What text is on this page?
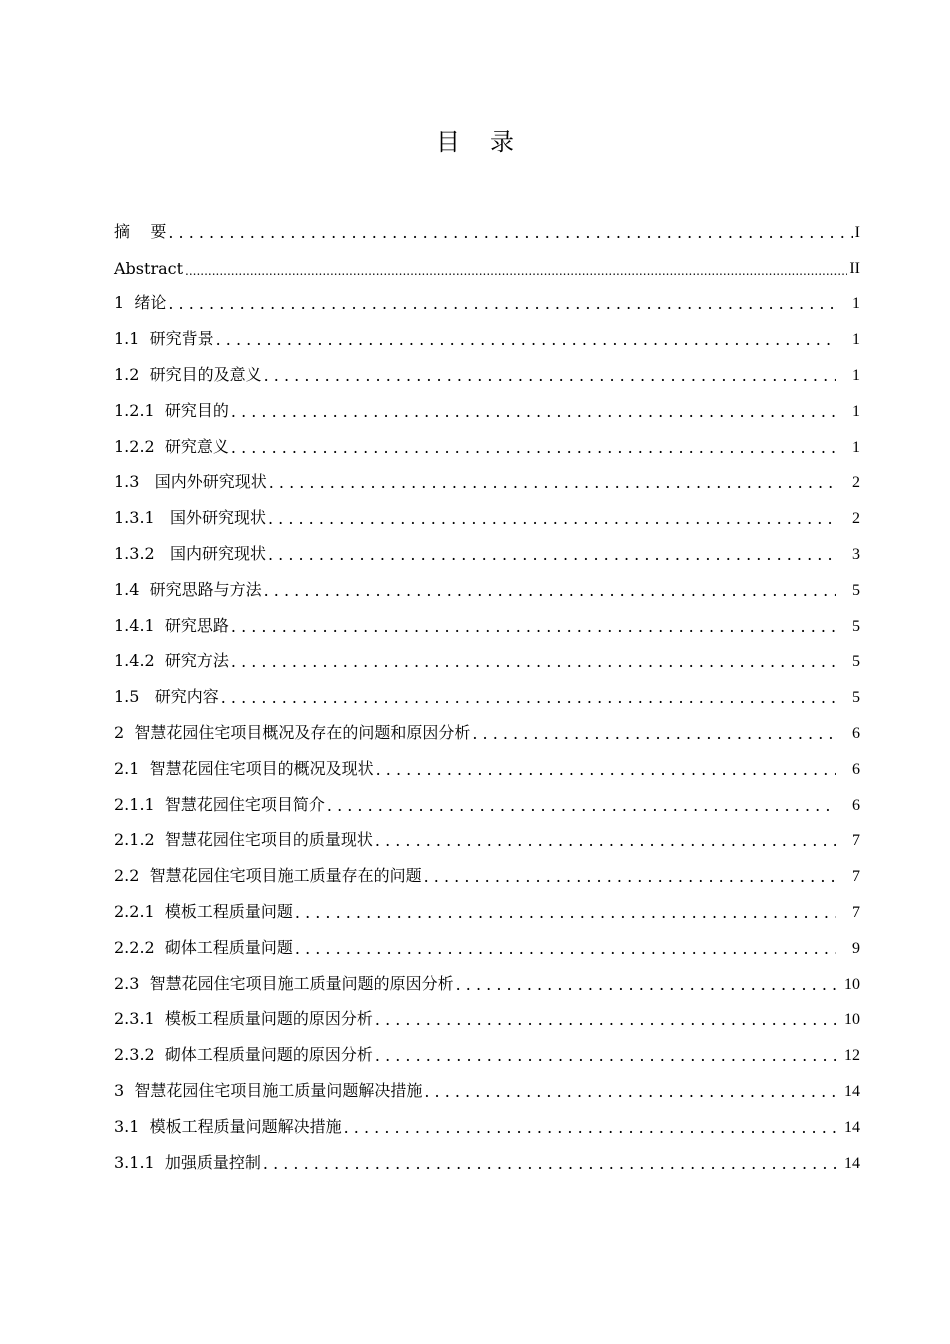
目 录
摘    要 . . .	I
Abstract .....	II
1  绪论 . . .	1
1.1  研究背景 . . .	1
1.2  研究目的及意义 . . .	1
1.2.1  研究目的 . . .	1
1.2.2  研究意义 . . .	1
1.3   国内外研究现状 . . .	2
1.3.1   国外研究现状 . . .	2
1.3.2   国内研究现状 . . .	3
1.4  研究思路与方法 . . .	5
1.4.1  研究思路 . . .	5
1.4.2  研究方法 . . .	5
1.5   研究内容 . . .	5
2  智慧花园住宅项目概况及存在的问题和原因分析 . . .	6
2.1  智慧花园住宅项目的概况及现状 . . .	6
2.1.1  智慧花园住宅项目简介 . . .	6
2.1.2  智慧花园住宅项目的质量现状 . . .	7
2.2  智慧花园住宅项目施工质量存在的问题 . . .	7
2.2.1  模板工程质量问题 . . .	7
2.2.2  砌体工程质量问题 . . .	9
2.3  智慧花园住宅项目施工质量问题的原因分析 . . .	10
2.3.1  模板工程质量问题的原因分析 . . .	10
2.3.2  砌体工程质量问题的原因分析 . . .	12
3  智慧花园住宅项目施工质量问题解决措施 . . .	14
3.1  模板工程质量问题解决措施 . . .	14
3.1.1  加强质量控制 . . .	14
